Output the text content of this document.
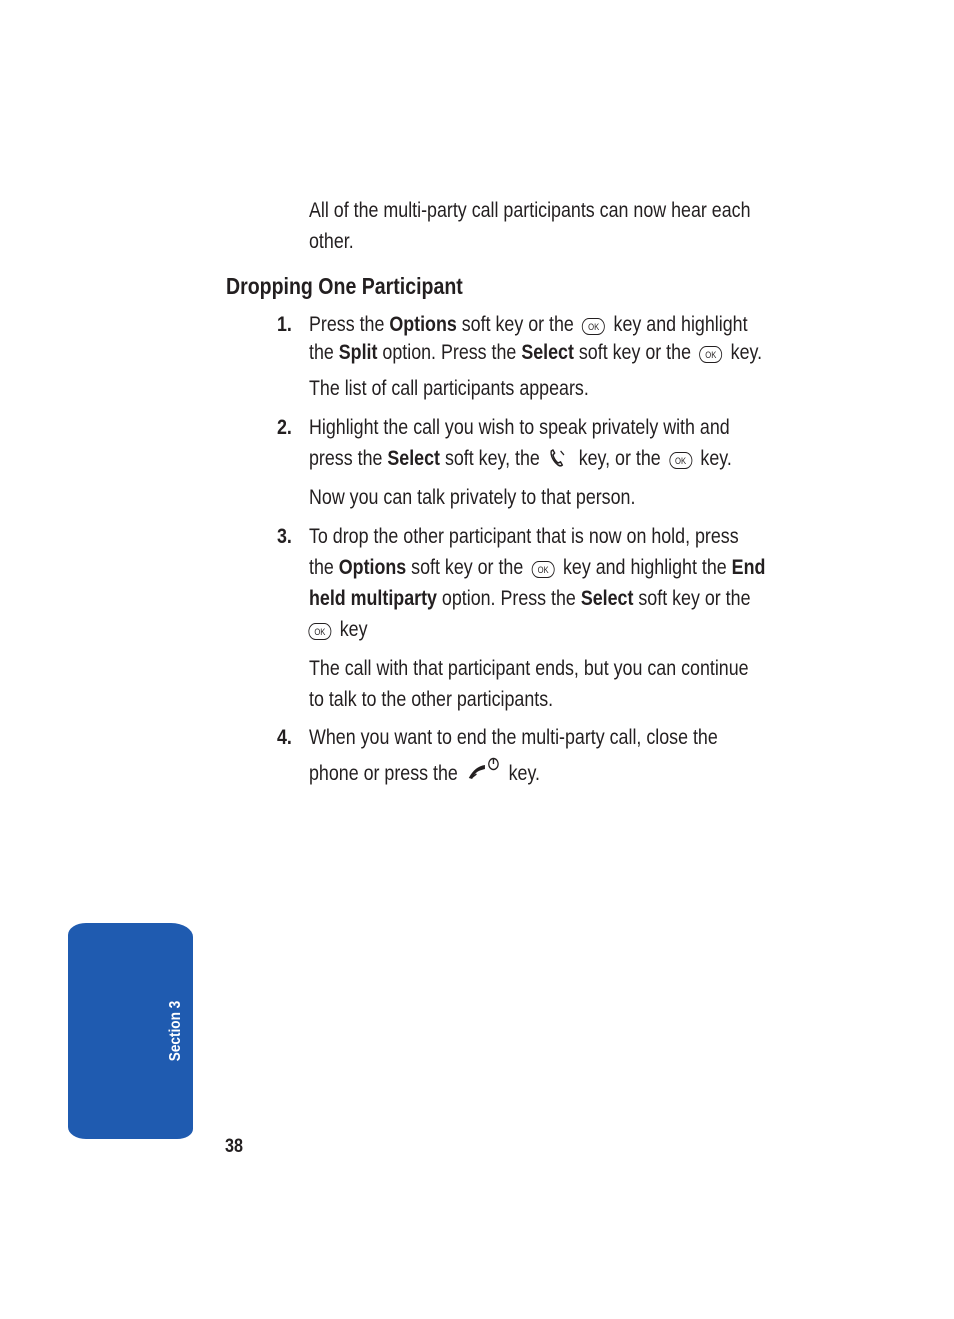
All of the multi-party call participants can now hear each
other.
Dropping One Participant
1. Press the Options soft key or the OK key and highlight
the Split option. Press the Select soft key or the OK key.
The list of call participants appears.
2. Highlight the call you wish to speak privately with and
press the Select soft key, the key, or the OK key.
Now you can talk privately to that person.
3. To drop the other participant that is now on hold, press
the Options soft key or the OK key and highlight the End
held multiparty option. Press the Select soft key or the
OK key
The call with that participant ends, but you can continue
to talk to the other participants.
4. When you want to end the multi-party call, close the
phone or press the key.
Section 3
38
